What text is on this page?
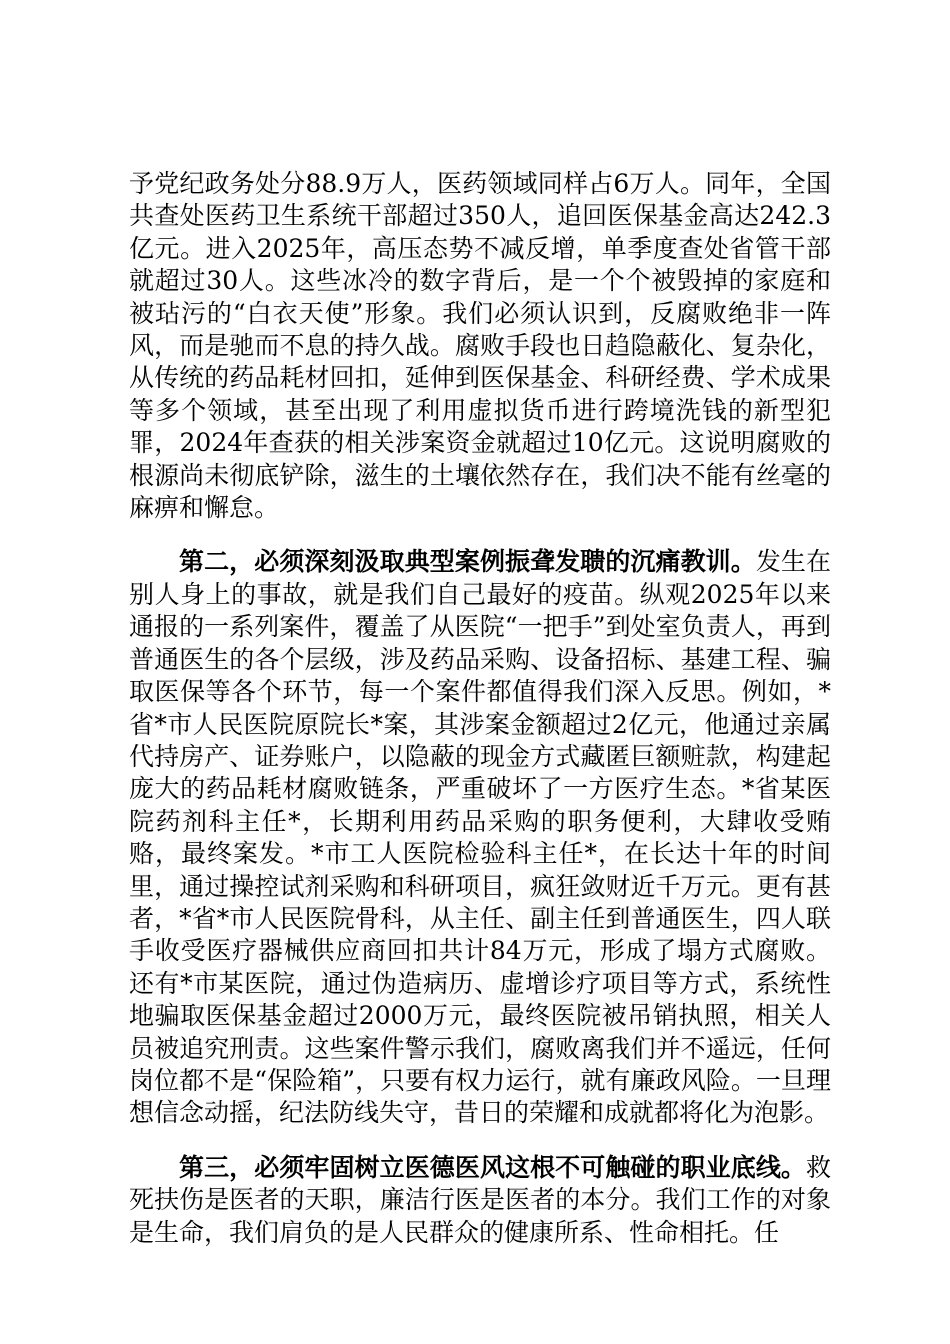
予党纪政务处分88.9万人，医药领域同样占6万人。同年，全国共查处医药卫生系统干部超过350人，追回医保基金高达242.3亿元。进入2025年，高压态势不减反增，单季度查处省管干部就超过30人。这些冰冷的数字背后，是一个个被毁掉的家庭和被玷污的“白衣天使”形象。我们必须认识到，反腐败绝非一阵风，而是驰而不息的持久战。腐败手段也日趋隐蔽化、复杂化，从传统的药品耗材回扣，延伸到医保基金、科研经费、学术成果等多个领域，甚至出现了利用虚拟货币进行跨境洗钱的新型犯罪，2024年查获的相关涉案资金就超过10亿元。这说明腐败的根源尚未彻底铲除，滋生的土壤依然存在，我们决不能有丝毫的麻痹和懈怠。

第二，必须深刻汲取典型案例振聋发聩的沉痛教训。发生在别人身上的事故，就是我们自己最好的疫苗。纵观2025年以来通报的一系列案件，覆盖了从医院“一把手”到处室负责人，再到普通医生的各个层级，涉及药品采购、设备招标、基建工程、骗取医保等各个环节，每一个案件都值得我们深入反思。例如，*省*市人民医院原院长*案，其涉案金额超过2亿元，他通过亲属代持房产、证券账户，以隐蔽的现金方式藏匿巨额赃款，构建起庞大的药品耗材腐败链条，严重破坏了一方医疗生态。*省某医院药剂科主任*，长期利用药品采购的职务便利，大肆收受贿赂，最终案发。*市工人医院检验科主任*，在长达十年的时间里，通过操控试剂采购和科研项目，疯狂敛财近千万元。更有甚者，*省*市人民医院骨科，从主任、副主任到普通医生，四人联手收受医疗器械供应商回扣共计84万元，形成了塌方式腐败。还有*市某医院，通过伪造病历、虚增诊疗项目等方式，系统性地骗取医保基金超过2000万元，最终医院被吊销执照，相关人员被追究刑责。这些案件警示我们，腐败离我们并不遥远，任何岗位都不是“保险箱”，只要有权力运行，就有廉政风险。一旦理想信念动摇，纪法防线失守，昔日的荣耀和成就都将化为泡影。

第三，必须牢固树立医德医风这根不可触碰的职业底线。救死扶伤是医者的天职，廉洁行医是医者的本分。我们工作的对象是生命，我们肩负的是人民群众的健康所系、性命相托。任
